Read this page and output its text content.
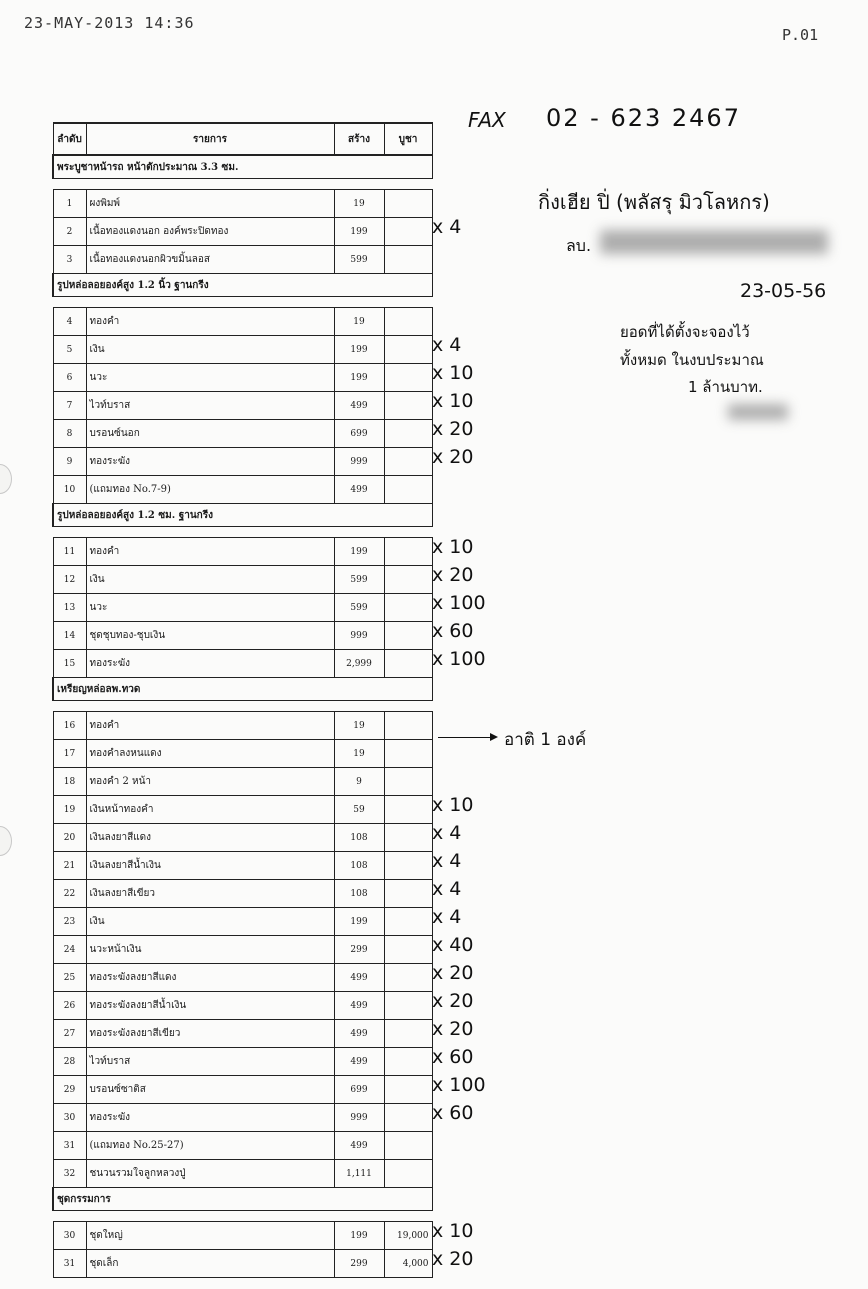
23-MAY-2013 14:36
P.01
ลำดับ	รายการ	สร้าง	บูชา
พระบูชาหน้ารถ หน้าตักประมาณ 3.3 ซม.			

1	ผงพิมพ์	19	
2	เนื้อทองแดงนอก องค์พระปิดทอง	199	
3	เนื้อทองแดงนอกผิวขมิ้นลอส	599	
รูปหล่อลอยองค์สูง 1.2 นิ้ว ฐานกรีง			

4	ทองคำ	19	
5	เงิน	199	
6	นวะ	199	
7	ไวท์บราส	499	
8	บรอนซ์นอก	699	
9	ทองระฆัง	999	
10	(แถมทอง No.7-9)	499	
รูปหล่อลอยองค์สูง 1.2 ซม. ฐานกรีง			

11	ทองคำ	199	
12	เงิน	599	
13	นวะ	599	
14	ชุดชุบทอง-ชุบเงิน	999	
15	ทองระฆัง	2,999	
เหรียญหล่อลพ.ทวด			

16	ทองคำ	19	
17	ทองคำลงหนแดง	19	
18	ทองคำ 2 หน้า	9	
19	เงินหน้าทองคำ	59	
20	เงินลงยาสีแดง	108	
21	เงินลงยาสีน้ำเงิน	108	
22	เงินลงยาสีเขียว	108	
23	เงิน	199	
24	นวะหน้าเงิน	299	
25	ทองระฆังลงยาสีแดง	499	
26	ทองระฆังลงยาสีน้ำเงิน	499	
27	ทองระฆังลงยาสีเขียว	499	
28	ไวท์บราส	499	
29	บรอนซ์ซาติส	699	
30	ทองระฆัง	999	
31	(แถมทอง No.25-27)	499	
32	ชนวนรวมใจลูกหลวงปู่	1,111	
ชุดกรรมการ			

30	ชุดใหญ่	199	19,000
31	ชุดเล็ก	299	4,000
FAX 02 - 623 2467
กิ่งเฮีย ปิ่ (พลัสรุ มิวโลหกร)
ลบ.
23-05-56
ยอดที่ได้ตั้งจะจองไว้
ทั้งหมด ในงบประมาณ
1 ล้านบาท.
อาติ 1 องค์
x 4
x 4
x 10
x 10
x 20
x 20
x 10
x 20
x 100
x 60
x 100
x 10
x 4
x 4
x 4
x 4
x 40
x 20
x 20
x 20
x 60
x 100
x 60
x 10
x 20
